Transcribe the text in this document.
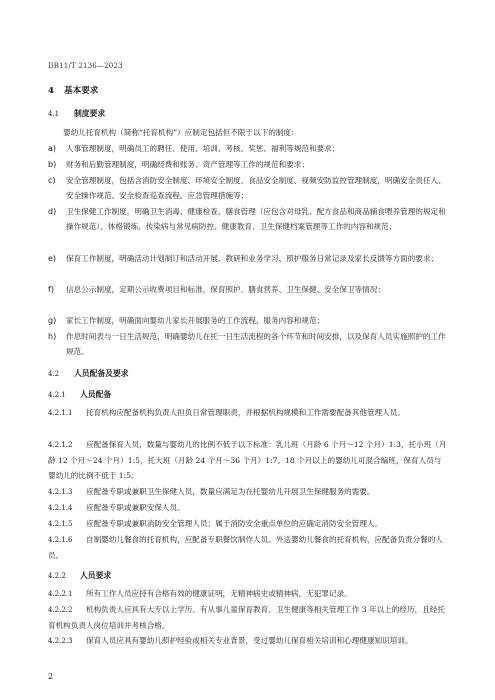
DB11/T 2136—2023
4 基本要求
4.1 制度要求
婴幼儿托育机构（简称“托育机构”）应制定包括但不限于以下的制度：
a) 人事管理制度，明确员工的聘任、使用、培训、考核、奖惩、福利等规范和要求；
b) 财务和后勤管理制度，明确经费和账务、资产管理等工作的规范和要求；
c) 安全管理制度，包括含消防安全制度、环境安全制度、食品安全制度、视频安防监控管理制度，明确安全责任人、安全操作规范、安全检查巡查流程、应急管理措施等；
d) 卫生保健工作制度，明确卫生消毒、健康检查、膳食管理（应包含对母乳、配方食品和商品辅食喂养管理的规定和操作规范）、体格锻炼、传染病与常见病防控、健康教育、卫生保健档案管理等工作的内容和规范；
e) 保育工作制度，明确活动计划制订和活动开展、教研和业务学习、照护服务日常记录及家长反馈等方面的要求；
f) 信息公示制度，定期公示收费项目和标准、保育照护、膳食营养、卫生保健、安全保卫等情况；
g) 家长工作制度，明确面向婴幼儿家长开展服务的工作流程、服务内容和规范；
h) 作息时间表与一日生活规范，明确婴幼儿在托一日生活流程的各个环节和时间安排，以及保育人员实施照护的工作规范。
4.2 人员配备及要求
4.2.1 人员配备
4.2.1.1 托育机构应配备机构负责人担负日常管理职责，并根据机构规模和工作需要配备其他管理人员。
4.2.1.2 应配备保育人员，数量与婴幼儿的比例不低于以下标准：乳儿班（月龄 6 个月～12 个月）1:3，托小班（月龄 12 个月～24 个月）1:5，托大班（月龄 24 个月～36 个月）1:7。18 个月以上的婴幼儿可混合编班，保育人员与婴幼儿的比例不低于 1:5。
4.2.1.3 应配备专职或兼职卫生保健人员，数量应满足为在托婴幼儿开展卫生保健服务的需要。
4.2.1.4 应配备专职或兼职安保人员。
4.2.1.5 应配备专职或兼职消防安全管理人员；属于消防安全重点单位的应确定消防安全管理人。
4.2.1.6 自制婴幼儿餐食的托育机构，应配备专职餐饮制作人员。外送婴幼儿餐食的托育机构，应配备负责分餐的人员。
4.2.2 人员要求
4.2.2.1 所有工作人员应持有合格有效的健康证明，无精神病史或精神病，无犯罪记录。
4.2.2.2 机构负责人应具有大专以上学历、有从事儿童保育教育、卫生健康等相关管理工作 3 年以上的经历，且经托育机构负责人岗位培训并考核合格。
4.2.2.3 保育人员应具有婴幼儿照护经验或相关专业背景，受过婴幼儿保育相关培训和心理健康知识培训。
2
